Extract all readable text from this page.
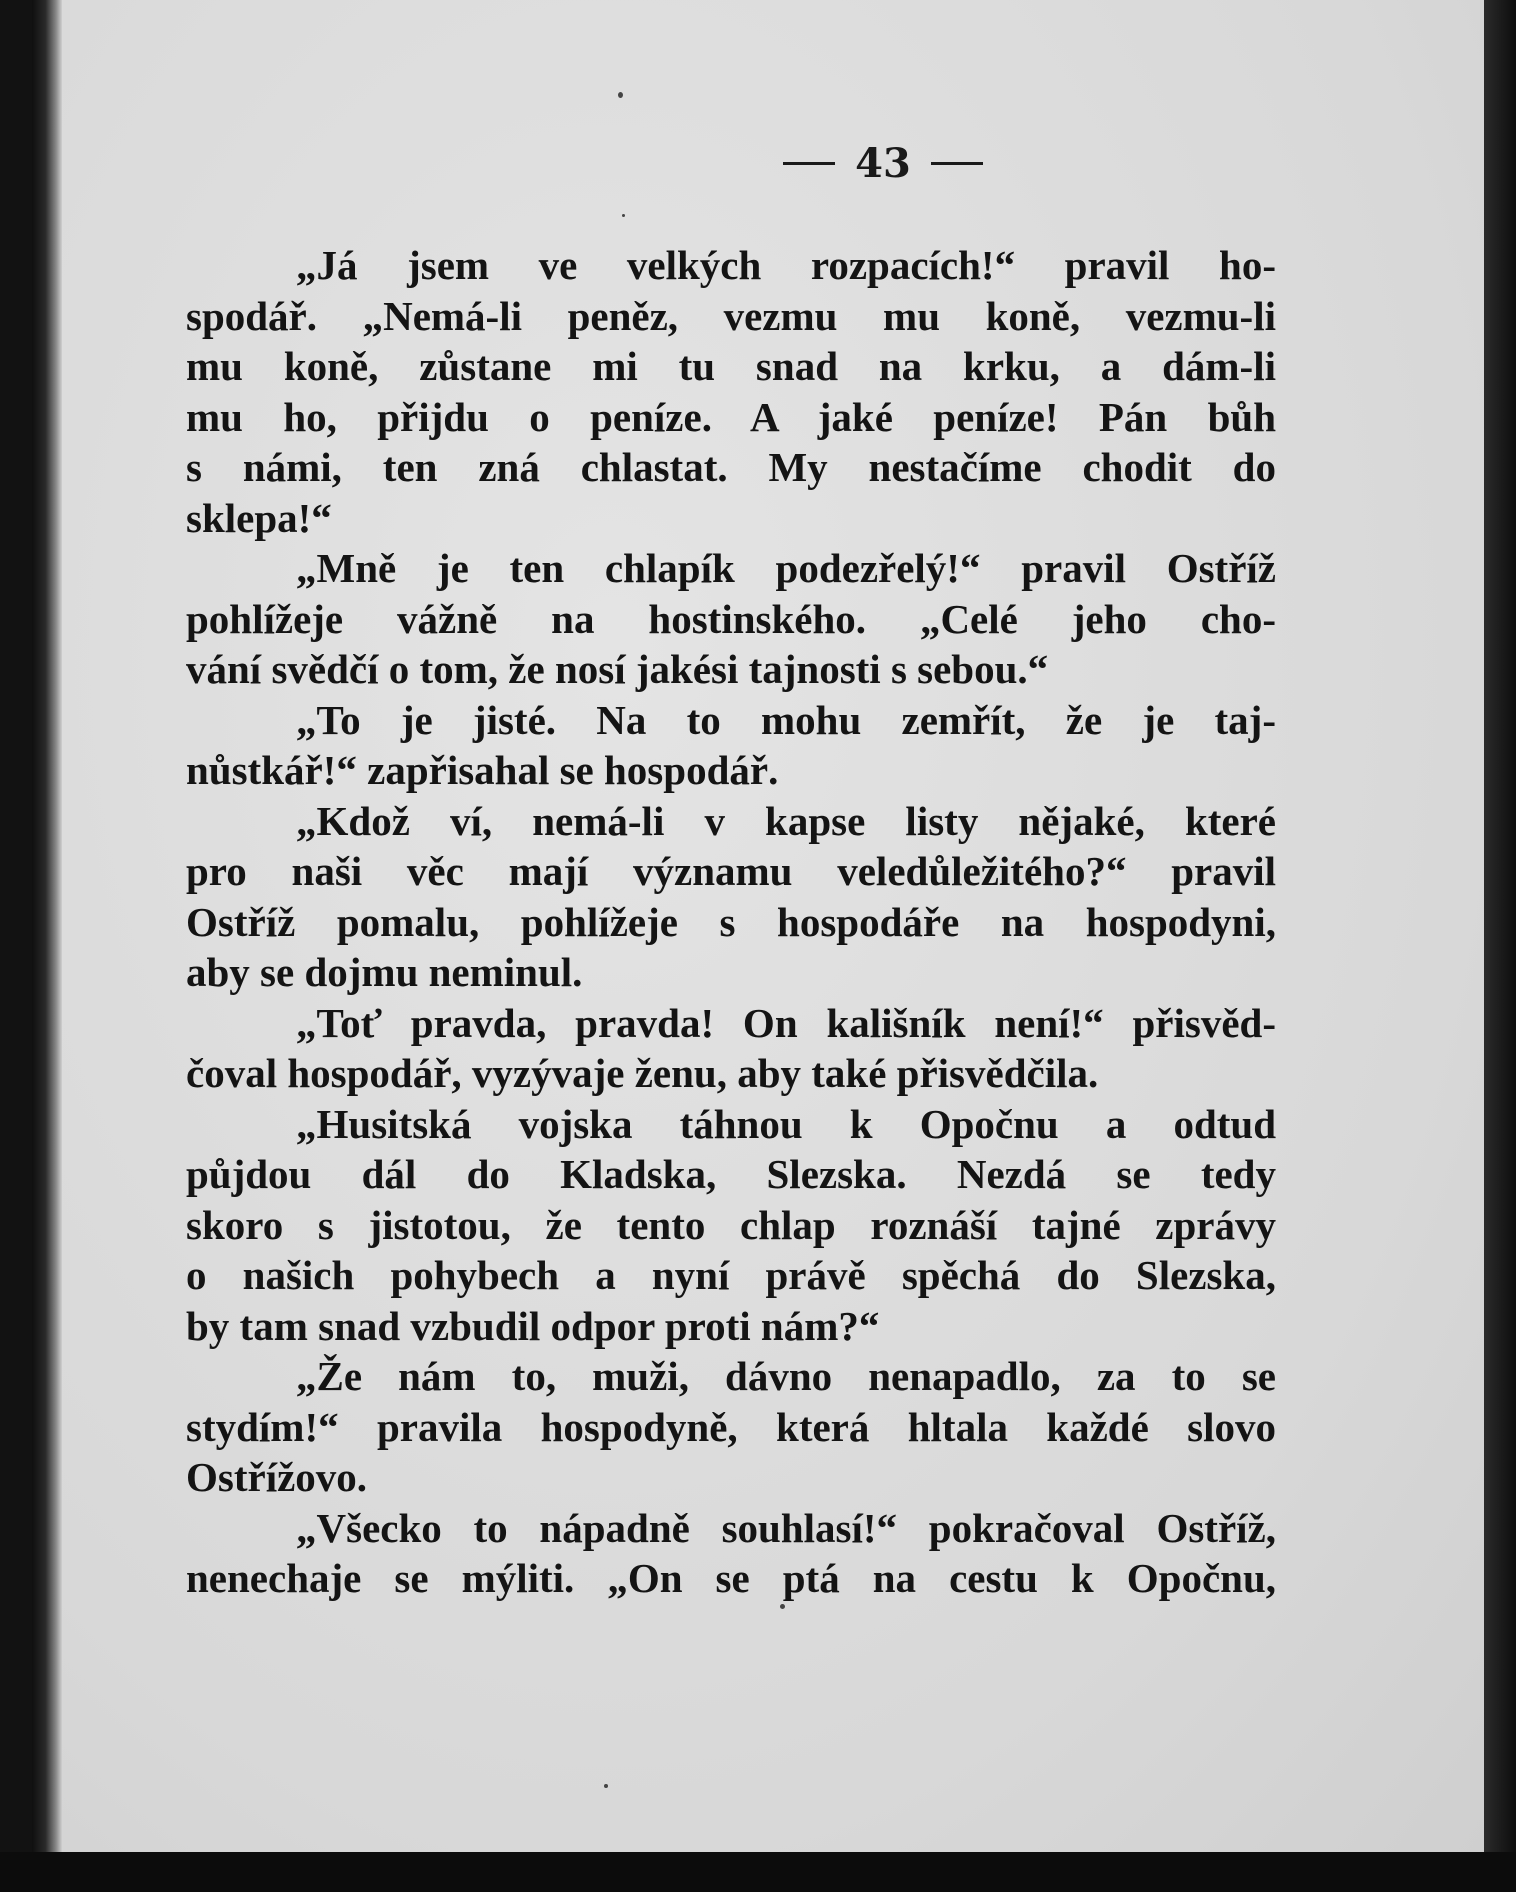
43
„Já jsem ve velkých rozpacích!“ pravil ho-
spodář. „Nemá-li peněz, vezmu mu koně, vezmu-li
mu koně, zůstane mi tu snad na krku, a dám-li
mu ho, přijdu o peníze. A jaké peníze! Pán bůh
s námi, ten zná chlastat. My nestačíme chodit do
sklepa!“
„Mně je ten chlapík podezřelý!“ pravil Ostříž
pohlížeje vážně na hostinského. „Celé jeho cho-
vání svědčí o tom, že nosí jakési tajnosti s sebou.“
„To je jisté. Na to mohu zemřít, že je taj-
nůstkář!“ zapřisahal se hospodář.
„Kdož ví, nemá-li v kapse listy nějaké, které
pro naši věc mají významu veledůležitého?“ pravil
Ostříž pomalu, pohlížeje s hospodáře na hospodyni,
aby se dojmu neminul.
„Toť pravda, pravda! On kališník není!“ přisvěd-
čoval hospodář, vyzývaje ženu, aby také přisvědčila.
„Husitská vojska táhnou k Opočnu a odtud
půjdou dál do Kladska, Slezska. Nezdá se tedy
skoro s jistotou, že tento chlap roznáší tajné zprávy
o našich pohybech a nyní právě spěchá do Slezska,
by tam snad vzbudil odpor proti nám?“
„Že nám to, muži, dávno nenapadlo, za to se
stydím!“ pravila hospodyně, která hltala každé slovo
Ostřížovo.
„Všecko to nápadně souhlasí!“ pokračoval Ostříž,
nenechaje se mýliti. „On se ptá na cestu k Opočnu,
